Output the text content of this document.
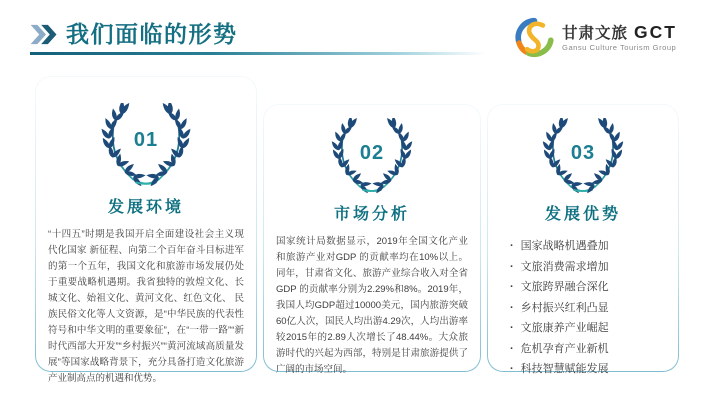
我们面临的形势	甘肃文旅 GCT
Gansu Culture Tourism Group
01
发展环境

“十四五”时期是我国开启全面建设社会主义现代化国家 新征程、向第二个百年奋斗目标进军的第一个五年，我国文化和旅游市场发展仍处于重要战略机遇期。我省独特的敦煌文化、长城文化、始祖文化、黄河文化、红色文化、 民族民俗文化等人文资源，是“中华民族的代表性符号和中华文明的重要象征”，在“一带一路”“新时代西部大开发”“乡村振兴”“黄河流域高质量发展”等国家战略背景下，充分具备打造文化旅游产业制高点的机遇和优势。

02
市场分析

国家统计局数据显示，2019年全国文化产业和旅游产业对GDP 的贡献率均在10%以上。同年，甘肃省文化、旅游产业综合收入对全省GDP 的贡献率分别为2.29%和8%。2019年，我国人均GDP超过10000美元，国内旅游突破60亿人次，国民人均出游4.29次，人均出游率较2015年的2.89人次增长了48.44%。大众旅游时代的兴起为西部，特别是甘肃旅游提供了广阔的市场空间。

03
发展优势
· 国家战略机遇叠加
· 文旅消费需求增加
· 文旅跨界融合深化
· 乡村振兴红利凸显
· 文旅康养产业崛起
· 危机孕育产业新机
· 科技智慧赋能发展
